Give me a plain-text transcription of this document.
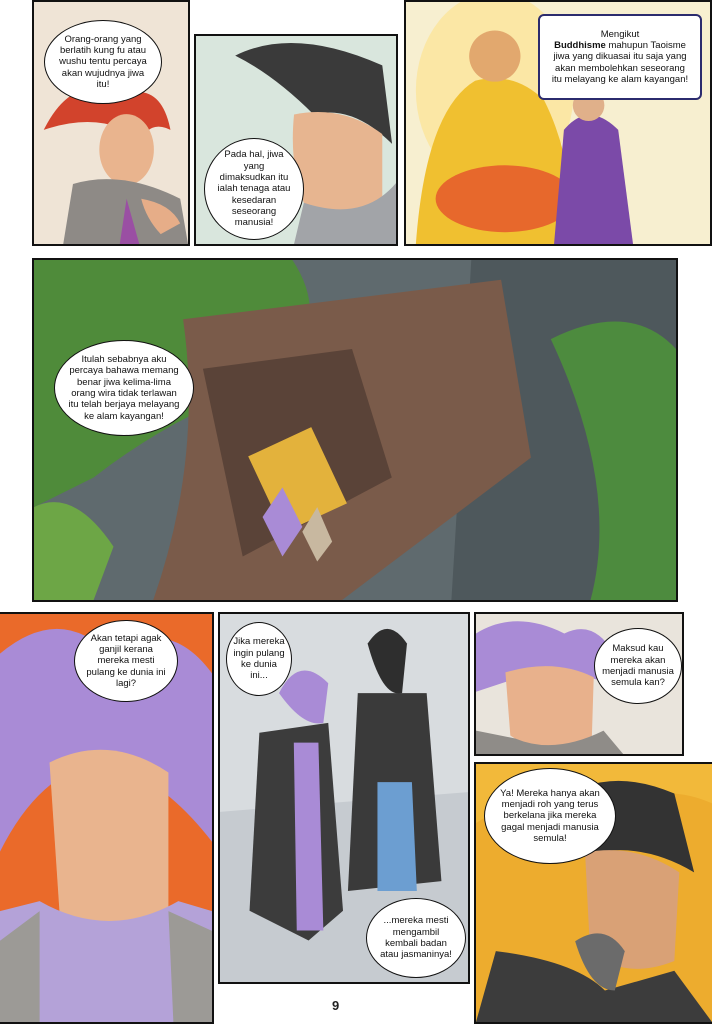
Orang-orang yang berlatih kung fu atau wushu tentu percaya akan wujudnya jiwa itu!
Pada hal, jiwa yang dimaksudkan itu ialah tenaga atau kesedaran seseorang manusia!
Mengikut
Buddhisme mahupun Taoisme jiwa yang dikuasai itu saja yang akan membolehkan seseorang itu melayang ke alam kayangan!
Itulah sebabnya aku percaya bahawa memang benar jiwa kelima-lima orang wira tidak terlawan itu telah berjaya melayang ke alam kayangan!
Akan tetapi agak ganjil kerana mereka mesti pulang ke dunia ini lagi?
Jika mereka ingin pulang ke dunia ini...
...mereka mesti mengambil kembali badan atau jasmaninya!
Maksud kau mereka akan menjadi manusia semula kan?
Ya! Mereka hanya akan menjadi roh yang terus berkelana jika mereka gagal menjadi manusia semula!
9
